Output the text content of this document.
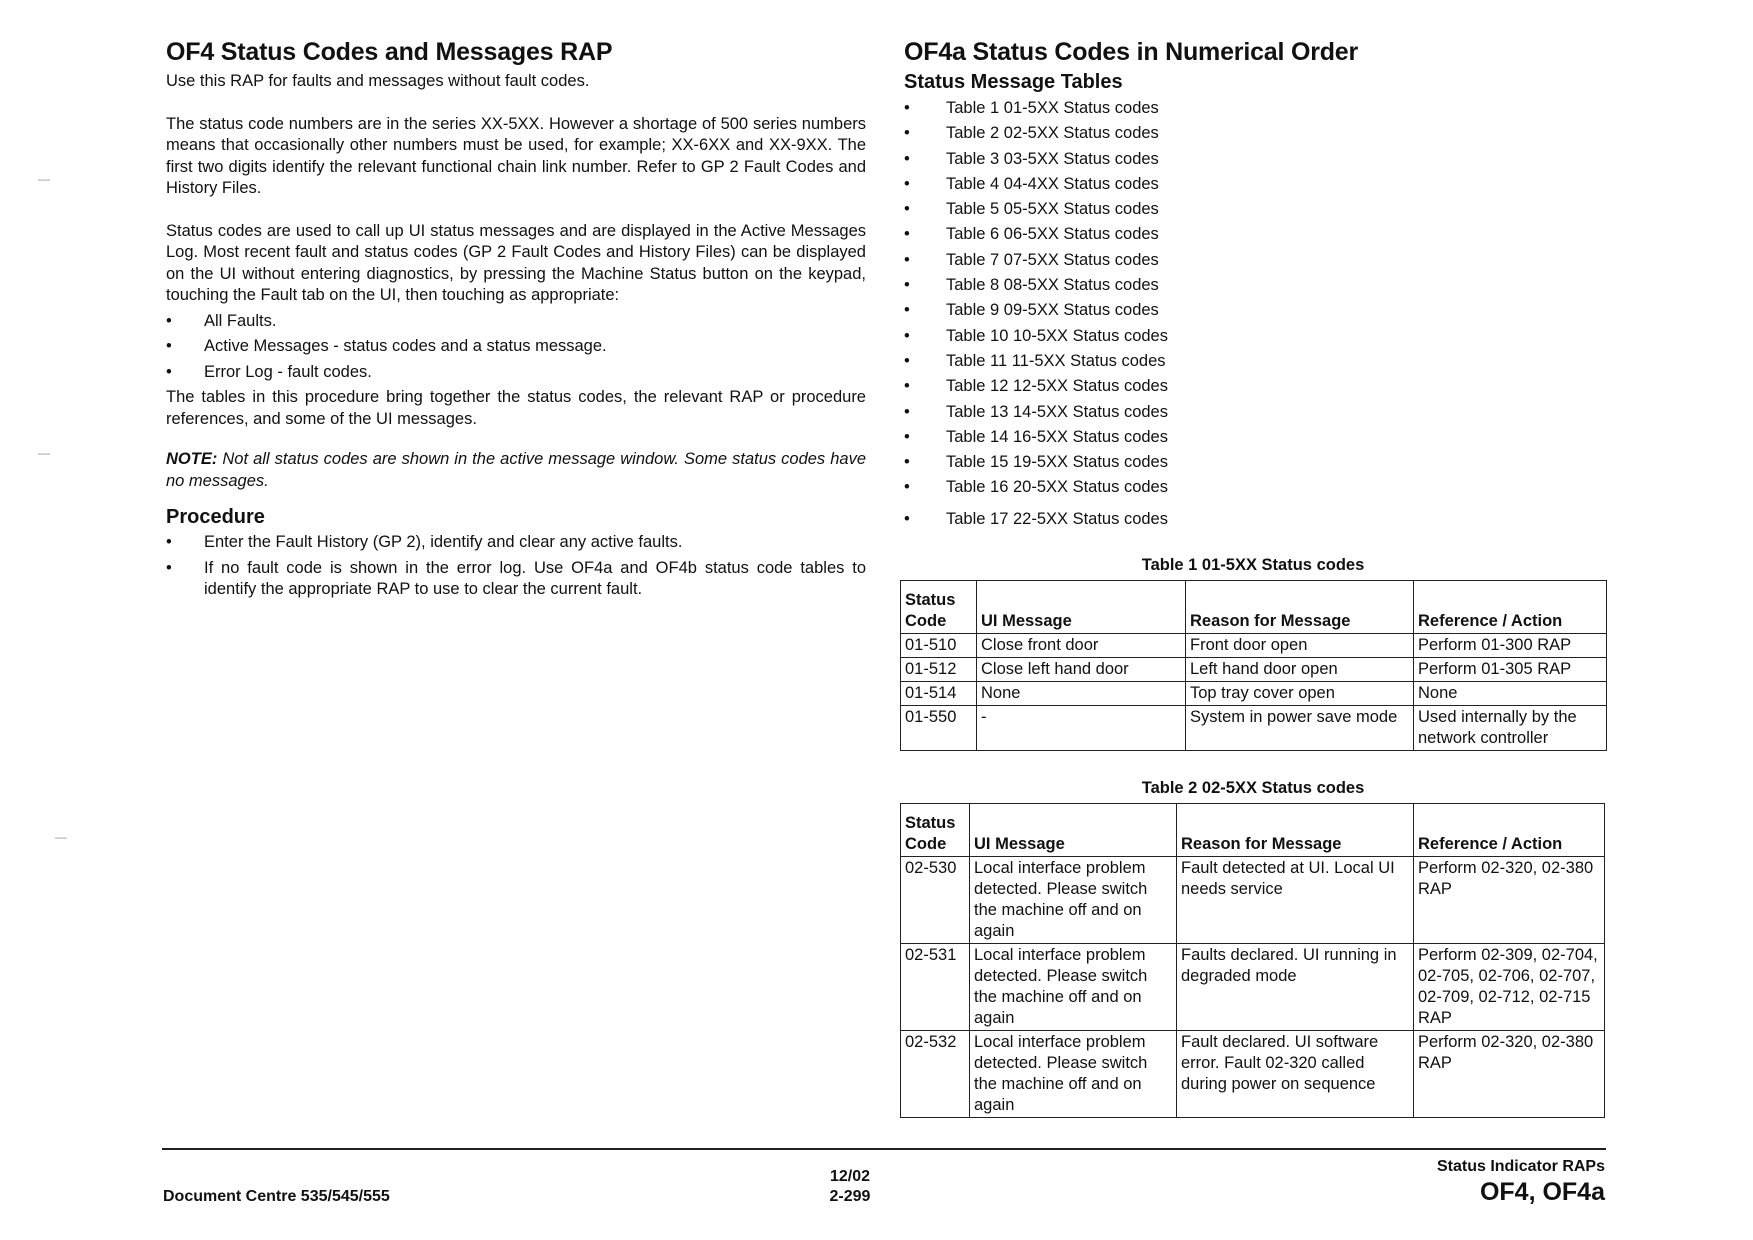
—
—
—
OF4 Status Codes and Messages RAP

Use this RAP for faults and messages without fault codes.

The status code numbers are in the series XX-5XX. However a shortage of 500 series numbers means that occasionally other numbers must be used, for example; XX-6XX and XX-9XX. The first two digits identify the relevant functional chain link number. Refer to GP 2 Fault Codes and History Files.

Status codes are used to call up UI status messages and are displayed in the Active Messages Log. Most recent fault and status codes (GP 2 Fault Codes and History Files) can be displayed on the UI without entering diagnostics, by pressing the Machine Status button on the keypad, touching the Fault tab on the UI, then touching as appropriate:

• All Faults.
• Active Messages - status codes and a status message.
• Error Log - fault codes.

The tables in this procedure bring together the status codes, the relevant RAP or procedure references, and some of the UI messages.

NOTE: Not all status codes are shown in the active message window. Some status codes have no messages.

Procedure
• Enter the Fault History (GP 2), identify and clear any active faults.
• If no fault code is shown in the error log. Use OF4a and OF4b status code tables to identify the appropriate RAP to use to clear the current fault.
OF4a Status Codes in Numerical Order
Status Message Tables
• Table 1 01-5XX Status codes
• Table 2 02-5XX Status codes
• Table 3 03-5XX Status codes
• Table 4 04-4XX Status codes
• Table 5 05-5XX Status codes
• Table 6 06-5XX Status codes
• Table 7 07-5XX Status codes
• Table 8 08-5XX Status codes
• Table 9 09-5XX Status codes
• Table 10 10-5XX Status codes
• Table 11 11-5XX Status codes
• Table 12 12-5XX Status codes
• Table 13 14-5XX Status codes
• Table 14 16-5XX Status codes
• Table 15 19-5XX Status codes
• Table 16 20-5XX Status codes
• Table 17 22-5XX Status codes
Table 1 01-5XX Status codes
Status Code	UI Message	Reason for Message	Reference / Action
01-510	Close front door	Front door open	Perform 01-300 RAP
01-512	Close left hand door	Left hand door open	Perform 01-305 RAP
01-514	None	Top tray cover open	None
01-550	-	System in power save mode	Used internally by the network controller
Table 2 02-5XX Status codes
Status Code	UI Message	Reason for Message	Reference / Action
02-530	Local interface problem detected. Please switch the machine off and on again	Fault detected at UI. Local UI needs service	Perform 02-320, 02-380 RAP
02-531	Local interface problem detected. Please switch the machine off and on again	Faults declared. UI running in degraded mode	Perform 02-309, 02-704, 02-705, 02-706, 02-707, 02-709, 02-712, 02-715 RAP
02-532	Local interface problem detected. Please switch the machine off and on again	Fault declared. UI software error. Fault 02-320 called during power on sequence	Perform 02-320, 02-380 RAP
Document Centre 535/545/555
12/02
2-299
Status Indicator RAPs
OF4, OF4a
